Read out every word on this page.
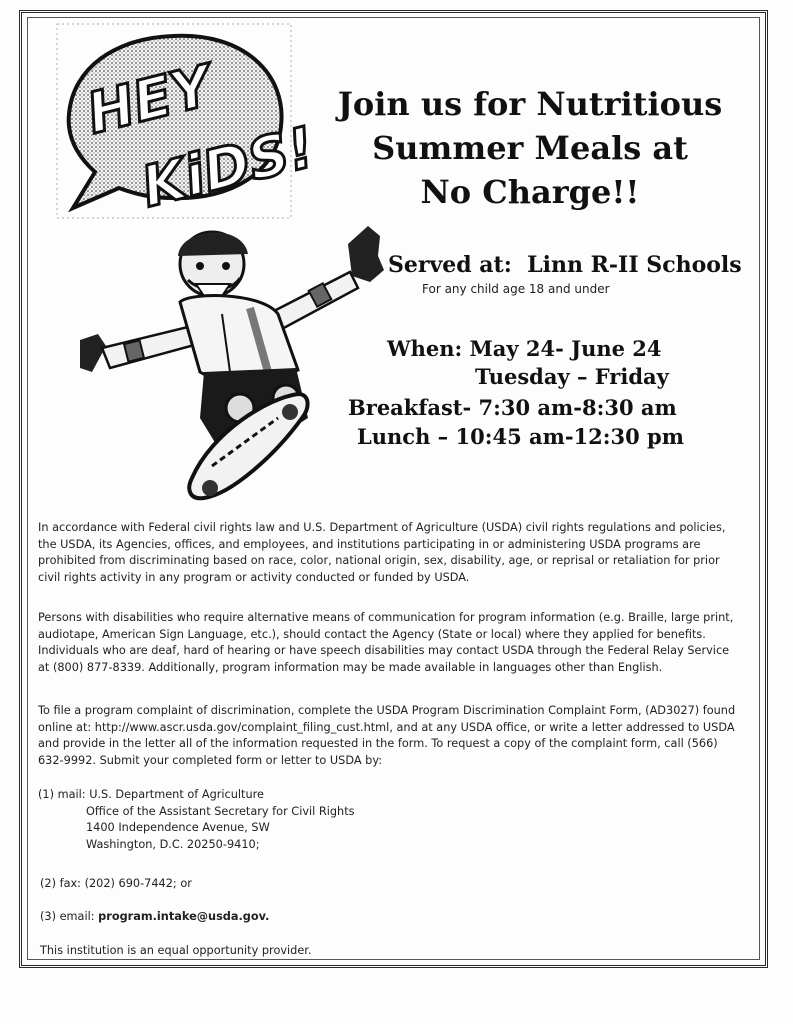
HEY
KiDS!
Join us for Nutritious
Summer Meals at
No Charge!!
Served at: Linn R-II Schools
For any child age 18 and under
When: May 24- June 24
Tuesday – Friday
Breakfast- 7:30 am-8:30 am
Lunch – 10:45 am-12:30 pm

In accordance with Federal civil rights law and U.S. Department of Agriculture (USDA) civil rights regulations and policies, the USDA, its Agencies, offices, and employees, and institutions participating in or administering USDA programs are prohibited from discriminating based on race, color, national origin, sex, disability, age, or reprisal or retaliation for prior civil rights activity in any program or activity conducted or funded by USDA.

Persons with disabilities who require alternative means of communication for program information (e.g. Braille, large print, audiotape, American Sign Language, etc.), should contact the Agency (State or local) where they applied for benefits. Individuals who are deaf, hard of hearing or have speech disabilities may contact USDA through the Federal Relay Service at (800) 877-8339. Additionally, program information may be made available in languages other than English.

To file a program complaint of discrimination, complete the USDA Program Discrimination Complaint Form, (AD3027) found online at: http://www.ascr.usda.gov/complaint_filing_cust.html, and at any USDA office, or write a letter addressed to USDA and provide in the letter all of the information requested in the form. To request a copy of the complaint form, call (566) 632-9992. Submit your completed form or letter to USDA by:

(1) mail: U.S. Department of Agriculture
Office of the Assistant Secretary for Civil Rights
1400 Independence Avenue, SW
Washington, D.C. 20250-9410;
(2) fax: (202) 690-7442; or
(3) email: program.intake@usda.gov.
This institution is an equal opportunity provider.
